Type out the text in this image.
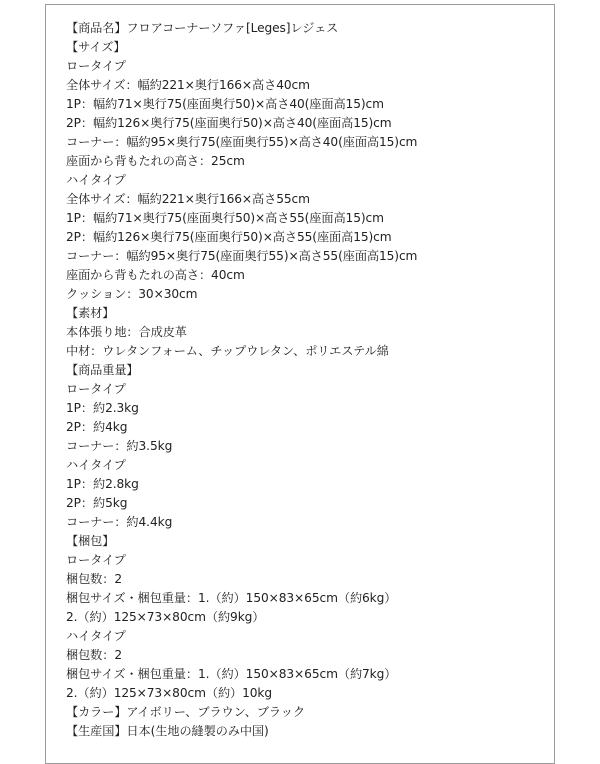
【商品名】フロアコーナーソファ[Leges]レジェス
【サイズ】
ロータイプ
全体サイズ：幅約221×奥行166×高さ40cm
1P：幅約71×奥行75(座面奥行50)×高さ40(座面高15)cm
2P：幅約126×奥行75(座面奥行50)×高さ40(座面高15)cm
コーナー：幅約95×奥行75(座面奥行55)×高さ40(座面高15)cm
座面から背もたれの高さ：25cm
ハイタイプ
全体サイズ：幅約221×奥行166×高さ55cm
1P：幅約71×奥行75(座面奥行50)×高さ55(座面高15)cm
2P：幅約126×奥行75(座面奥行50)×高さ55(座面高15)cm
コーナー：幅約95×奥行75(座面奥行55)×高さ55(座面高15)cm
座面から背もたれの高さ：40cm
クッション：30×30cm
【素材】
本体張り地：合成皮革
中材：ウレタンフォーム、チップウレタン、ポリエステル綿
【商品重量】
ロータイプ
1P：約2.3kg
2P：約4kg
コーナー：約3.5kg
ハイタイプ
1P：約2.8kg
2P：約5kg
コーナー：約4.4kg
【梱包】
ロータイプ
梱包数：2
梱包サイズ・梱包重量：1.（約）150×83×65cm（約6kg）
2.（約）125×73×80cm（約9kg）
ハイタイプ
梱包数：2
梱包サイズ・梱包重量：1.（約）150×83×65cm（約7kg）
2.（約）125×73×80cm（約）10kg
【カラー】アイボリー、ブラウン、ブラック
【生産国】日本(生地の縫製のみ中国)
